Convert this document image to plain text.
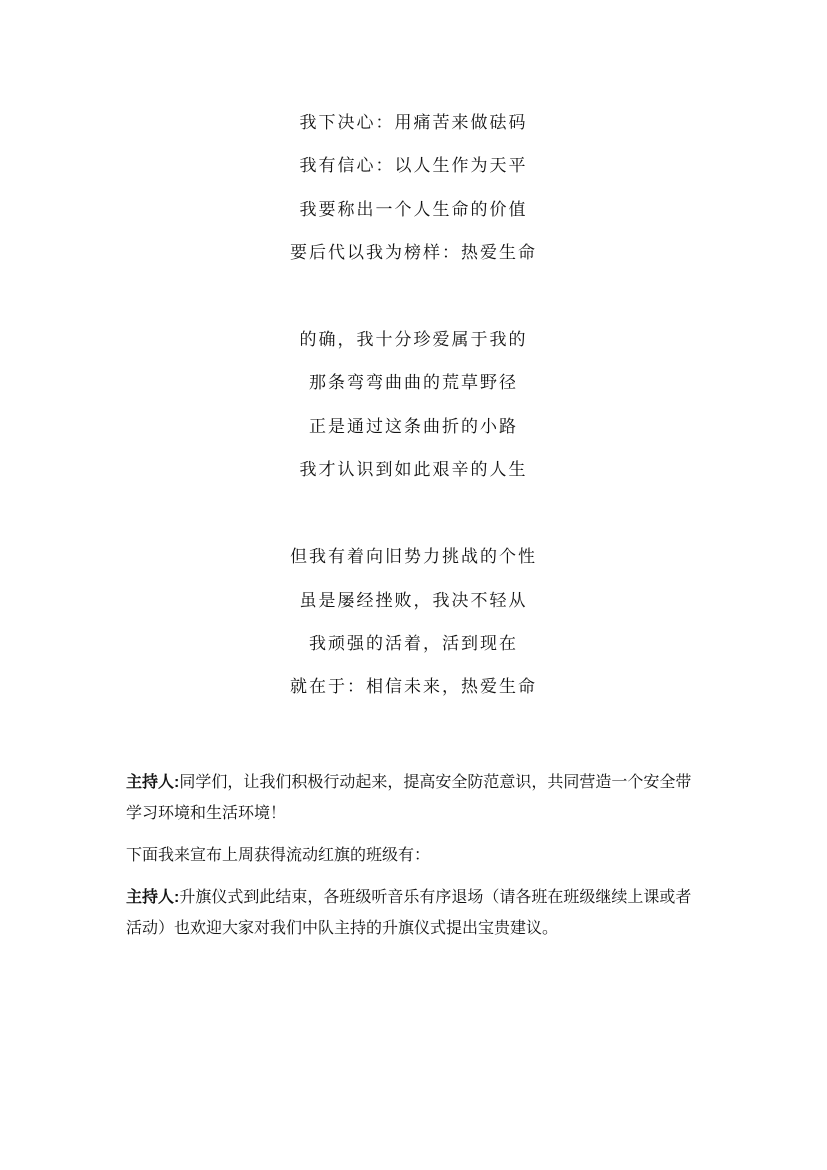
我下决心：用痛苦来做砝码
我有信心：以人生作为天平
我要称出一个人生命的价值
要后代以我为榜样：热爱生命
的确，我十分珍爱属于我的
那条弯弯曲曲的荒草野径
正是通过这条曲折的小路
我才认识到如此艰辛的人生
但我有着向旧势力挑战的个性
虽是屡经挫败，我决不轻从
我顽强的活着，活到现在
就在于：相信未来，热爱生命

主持人:同学们，让我们积极行动起来，提高安全防范意识，共同营造一个安全带学习环境和生活环境！

下面我来宣布上周获得流动红旗的班级有：

主持人:升旗仪式到此结束，各班级听音乐有序退场（请各班在班级继续上课或者活动）也欢迎大家对我们中队主持的升旗仪式提出宝贵建议。
